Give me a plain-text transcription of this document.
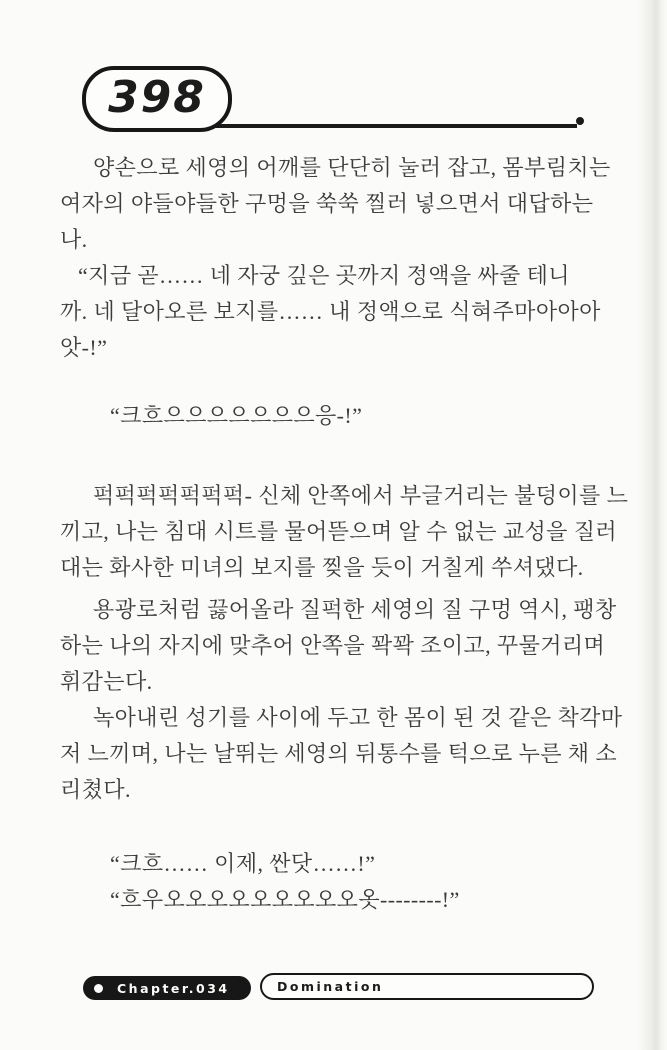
398
양손으로 세영의 어깨를 단단히 눌러 잡고, 몸부림치는
여자의 야들야들한 구멍을 쑥쑥 찔러 넣으면서 대답하는
나.
“지금 곧…… 네 자궁 깊은 곳까지 정액을 싸줄 테니
까. 네 달아오른 보지를…… 내 정액으로 식혀주마아아아
앗-!”
“크흐으으으으으으으응-!”
퍽퍽퍽퍽퍽퍽퍽- 신체 안쪽에서 부글거리는 불덩이를 느
끼고, 나는 침대 시트를 물어뜯으며 알 수 없는 교성을 질러
대는 화사한 미녀의 보지를 찢을 듯이 거칠게 쑤셔댔다.
용광로처럼 끓어올라 질퍽한 세영의 질 구멍 역시, 팽창
하는 나의 자지에 맞추어 안쪽을 꽉꽉 조이고, 꾸물거리며
휘감는다.
녹아내린 성기를 사이에 두고 한 몸이 된 것 같은 착각마
저 느끼며, 나는 날뛰는 세영의 뒤통수를 턱으로 누른 채 소
리쳤다.
“크흐…… 이제, 싼닷……!”
“흐우오오오오오오오오오옷--------!”
Chapter.034	Domination
